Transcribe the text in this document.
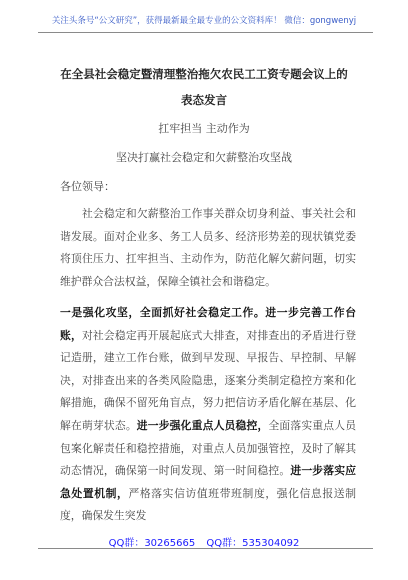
关注头条号“公文研究”，获得最新最全最专业的公文资料库！ 微信：gongwenyj
在全县社会稳定暨清理整治拖欠农民工工资专题会议上的
表态发言
扛牢担当 主动作为
坚决打赢社会稳定和欠薪整治攻坚战
各位领导：
社会稳定和欠薪整治工作事关群众切身利益、事关社会和谐发展。面对企业多、务工人员多、经济形势差的现状镇党委将顶住压力、扛牢担当、主动作为，防范化解欠薪问题，切实维护群众合法权益，保障全镇社会和谐稳定。
一是强化攻坚，全面抓好社会稳定工作。进一步完善工作台账，对社会稳定再开展起底式大排查，对排查出的矛盾进行登记造册，建立工作台账，做到早发现、早报告、早控制、早解决，对排查出来的各类风险隐患，逐案分类制定稳控方案和化解措施，确保不留死角盲点，努力把信访矛盾化解在基层、化解在萌芽状态。进一步强化重点人员稳控，全面落实重点人员包案化解责任和稳控措施，对重点人员加强管控，及时了解其动态情况，确保第一时间发现、第一时间稳控。进一步落实应急处置机制，严格落实信访值班带班制度，强化信息报送制度，确保发生突发
QQ群：30265665 QQ群：535304092
